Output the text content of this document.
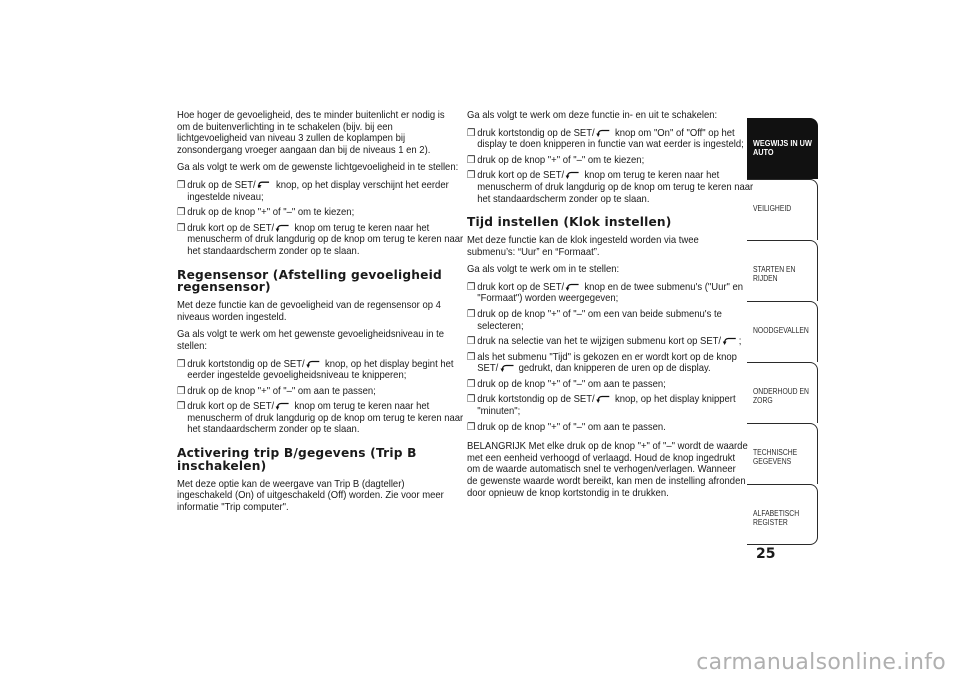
Hoe hoger de gevoeligheid, des te minder buitenlicht er nodig is om de buitenverlichting in te schakelen (bijv. bij een lichtgevoeligheid van niveau 3 zullen de koplampen bij zonsondergang vroeger aangaan dan bij de niveaus 1 en 2).

Ga als volgt te werk om de gewenste lichtgevoeligheid in te stellen:

❒ druk op de SET/
knop, op het display verschijnt het eerder ingestelde niveau;
❒ druk op de knop "+" of "–" om te kiezen;
❒ druk kort op de SET/
knop om terug te keren naar het menuscherm of druk langdurig op de knop om terug te keren naar het standaardscherm zonder op te slaan.
Regensensor (Afstelling gevoeligheid regensensor)

Met deze functie kan de gevoeligheid van de regensensor op 4 niveaus worden ingesteld.

Ga als volgt te werk om het gewenste gevoeligheidsniveau in te stellen:

❒ druk kortstondig op de SET/
knop, op het display begint het eerder ingestelde gevoeligheidsniveau te knipperen;
❒ druk op de knop "+" of "–" om aan te passen;
❒ druk kort op de SET/
knop om terug te keren naar het menuscherm of druk langdurig op de knop om terug te keren naar het standaardscherm zonder op te slaan.
Activering trip B/gegevens (Trip B inschakelen)

Met deze optie kan de weergave van Trip B (dagteller) ingeschakeld (On) of uitgeschakeld (Off) worden. Zie voor meer informatie "Trip computer".

Ga als volgt te werk om deze functie in- en uit te schakelen:

❒ druk kortstondig op de SET/
knop om "On" of "Off" op het display te doen knipperen in functie van wat eerder is ingesteld;
❒ druk op de knop "+" of "–" om te kiezen;
❒ druk kort op de SET/
knop om terug te keren naar het menuscherm of druk langdurig op de knop om terug te keren naar het standaardscherm zonder op te slaan.
Tijd instellen (Klok instellen)

Met deze functie kan de klok ingesteld worden via twee submenu’s: “Uur” en “Formaat”.

Ga als volgt te werk om in te stellen:

❒ druk kort op de SET/
knop en de twee submenu's ("Uur" en "Formaat") worden weergegeven;
❒ druk op de knop "+" of "–" om een van beide submenu's te selecteren;
❒ druk na selectie van het te wijzigen submenu kort op SET/ ;
❒ als het submenu "Tijd" is gekozen en er wordt kort op de knop SET/
gedrukt, dan knipperen de uren op de display.
❒ druk op de knop "+" of "–" om aan te passen;
❒ druk kortstondig op de SET/
knop, op het display knippert "minuten";
❒ druk op de knop "+" of "–" om aan te passen.

BELANGRIJK Met elke druk op de knop "+" of "–" wordt de waarde met een eenheid verhoogd of verlaagd. Houd de knop ingedrukt om de waarde automatisch snel te verhogen/verlagen. Wanneer de gewenste waarde wordt bereikt, kan men de instelling afronden door opnieuw de knop kortstondig in te drukken.

WEGWIJS IN UW AUTO
VEILIGHEID
STARTEN EN RIJDEN
NOODGEVALLEN
ONDERHOUD EN ZORG
TECHNISCHE GEGEVENS
ALFABETISCH REGISTER
25
carmanualsonline.info
